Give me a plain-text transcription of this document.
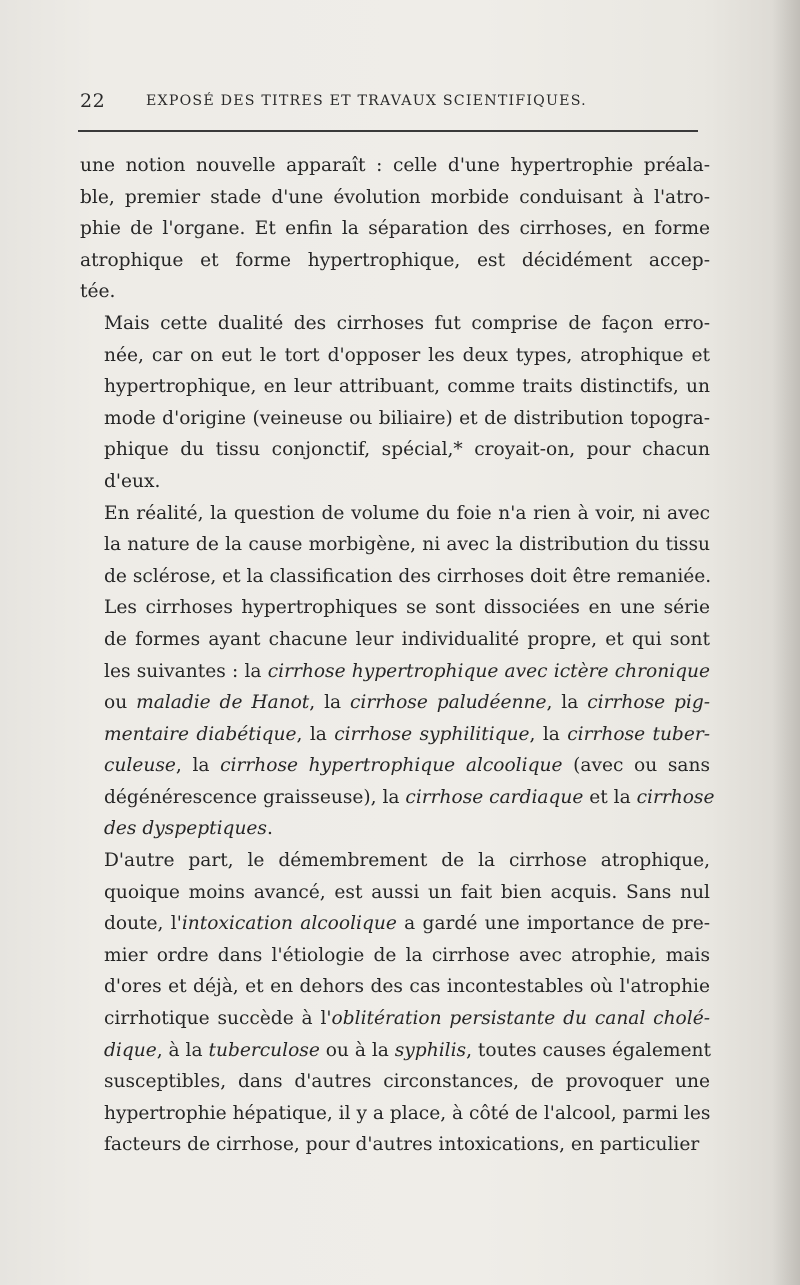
22	EXPOSÉ DES TITRES ET TRAVAUX SCIENTIFIQUES.
une notion nouvelle apparaît : celle d'une hypertrophie préala-
ble, premier stade d'une évolution morbide conduisant à l'atro-
phie de l'organe. Et enfin la séparation des cirrhoses, en forme
atrophique et forme hypertrophique, est décidément accep-
tée.
Mais cette dualité des cirrhoses fut comprise de façon erro-
née, car on eut le tort d'opposer les deux types, atrophique et
hypertrophique, en leur attribuant, comme traits distinctifs, un
mode d'origine (veineuse ou biliaire) et de distribution topogra-
phique du tissu conjonctif, spécial,* croyait-on, pour chacun
d'eux.
En réalité, la question de volume du foie n'a rien à voir, ni avec
la nature de la cause morbigène, ni avec la distribution du tissu
de sclérose, et la classification des cirrhoses doit être remaniée.
Les cirrhoses hypertrophiques se sont dissociées en une série
de formes ayant chacune leur individualité propre, et qui sont
les suivantes : la cirrhose hypertrophique avec ictère chronique
ou maladie de Hanot, la cirrhose paludéenne, la cirrhose pig-
mentaire diabétique, la cirrhose syphilitique, la cirrhose tuber-
culeuse, la cirrhose hypertrophique alcoolique (avec ou sans
dégénérescence graisseuse), la cirrhose cardiaque et la cirrhose
des dyspeptiques.
D'autre part, le démembrement de la cirrhose atrophique,
quoique moins avancé, est aussi un fait bien acquis. Sans nul
doute, l'intoxication alcoolique a gardé une importance de pre-
mier ordre dans l'étiologie de la cirrhose avec atrophie, mais
d'ores et déjà, et en dehors des cas incontestables où l'atrophie
cirrhotique succède à l'oblitération persistante du canal cholé-
dique, à la tuberculose ou à la syphilis, toutes causes également
susceptibles, dans d'autres circonstances, de provoquer une
hypertrophie hépatique, il y a place, à côté de l'alcool, parmi les
facteurs de cirrhose, pour d'autres intoxications, en particulier
